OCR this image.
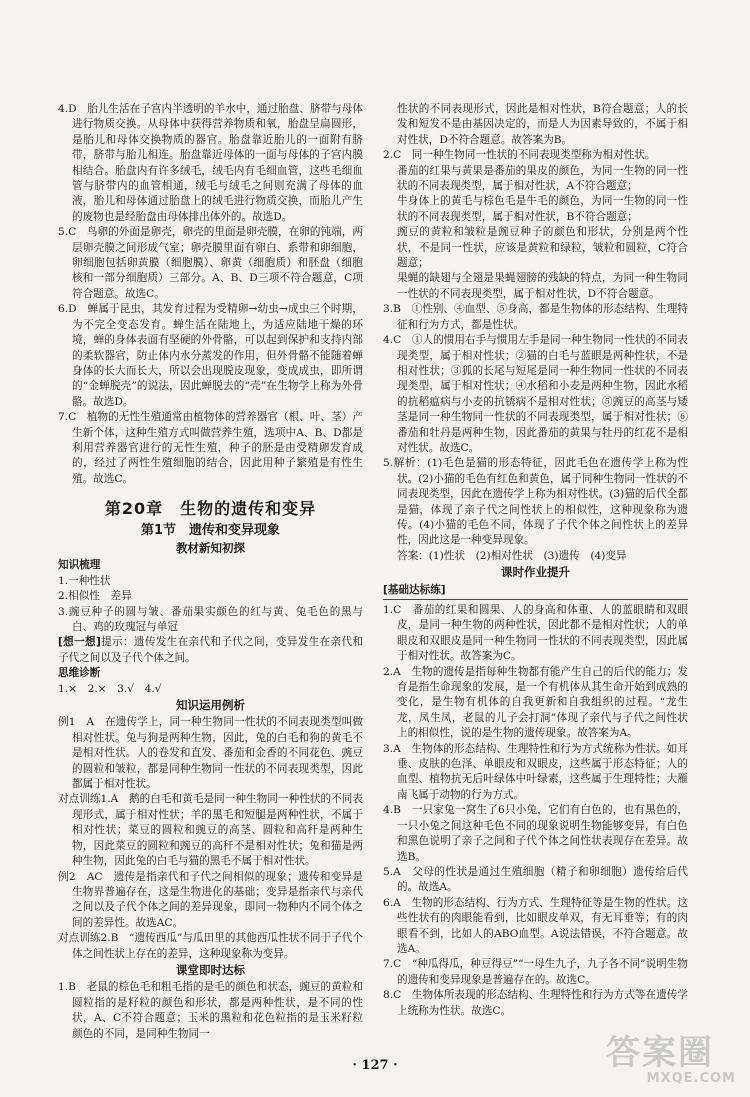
4.D　胎儿生活在子宫内半透明的羊水中，通过胎盘、脐带与母体进行物质交换。从母体中获得营养物质和氧，胎盘呈扁圆形，是胎儿和母体交换物质的器官。胎盘靠近胎儿的一面附有脐带，脐带与胎儿相连。胎盘靠近母体的一面与母体的子宫内膜相结合。胎盘内有许多绒毛，绒毛内有毛细血管，这些毛细血管与脐带内的血管相通，绒毛与绒毛之间则充满了母体的血液，胎儿和母体通过胎盘上的绒毛进行物质交换，而胎儿产生的废物也是经胎盘由母体排出体外的。故选D。

5.C　鸟卵的外面是卵壳，卵壳的里面是卵壳膜，在卵的钝端，两层卵壳膜之间形成气室；卵壳膜里面有卵白、系带和卵细胞，卵细胞包括卵黄膜（细胞膜）、卵黄（细胞质）和胚盘（细胞核和一部分细胞质）三部分。A、B、D三项不符合题意，C项符合题意。故选C。

6.D　蝉属于昆虫，其发育过程为受精卵→幼虫→成虫三个时期，为不完全变态发育。蝉生活在陆地上，为适应陆地干燥的环境，蝉的身体表面有坚硬的外骨骼，可以起到保护和支持内部的柔软器官，防止体内水分蒸发的作用，但外骨骼不能随着蝉身体的长大而长大，所以会出现脱皮现象，变成成虫，即所谓的“金蝉脱壳”的说法，因此蝉脱去的“壳”在生物学上称为外骨骼。故选D。

7.C　植物的无性生殖通常由植物体的营养器官（根、叶、茎）产生新个体，这种生殖方式叫做营养生殖，选项中A、B、D都是利用营养器官进行的无性生殖，种子的胚是由受精卵发育成的，经过了两性生殖细胞的结合，因此用种子繁殖是有性生殖。故选C。

第20章　生物的遗传和变异
第1节　遗传和变异现象
教材新知初探
知识梳理

1.一种性状

2.相似性　差异

3.豌豆种子的圆与皱、番茄果实颜色的红与黄、兔毛色的黑与白、鸡的玫瑰冠与单冠

[想一想]提示：遗传发生在亲代和子代之间，变异发生在亲代和子代之间以及子代个体之间。

思维诊断

1.×　2.×　3.√　4.√

知识运用例析

例1　A　在遗传学上，同一种生物同一性状的不同表现类型叫做相对性状。兔与狗是两种生物，因此，兔的白毛和狗的黄毛不是相对性状。人的卷发和直发、番茄和金香的不同花色、豌豆的圆粒和皱粒，都是同种生物同一性状的不同表现类型，因此都属于相对性状。

对点训练1.A　鹅的白毛和黄毛是同一种生物同一种性状的不同表现形式，属于相对性状；羊的黑毛和短腿是两种性状，不属于相对性状；菜豆的圆粒和豌豆的高茎、圆粒和高秆是两种生物，因此菜豆的圆粒和豌豆的高秆不是相对性状；兔和猫是两种生物，因此兔的白毛与猫的黑毛不属于相对性状。

例2　AC　遗传是指亲代和子代之间相似的现象；遗传和变异是生物界普遍存在，这是生物进化的基础；变异是指亲代与亲代之间以及子代个体之间的差异现象，即同一物种内不同个体之间的差异性。故选AC。

对点训练2.B　“遗传西瓜”与瓜田里的其他西瓜性状不同于子代个体之间性状上存在的差异，这种现象称为变异。

课堂即时达标

1.B　老鼠的棕色毛和粗毛指的是毛的颜色和状态，豌豆的黄粒和圆粒指的是籽粒的颜色和形状，都是两种性状，是不同的性状，A、C不符合题意；玉米的黑粒和花色粒指的是玉米籽粒颜色的不同，是同种生物同一

性状的不同表现形式，因此是相对性状，B符合题意；人的长发和短发不是由基因决定的，而是人为因素导致的，不属于相对性状，D不符合题意。故答案为B。

2.C　同一种生物同一性状的不同表现类型称为相对性状。

番茄的红果与黄果是番茄的果皮的颜色，为同一生物的同一性状的不同表现类型，属于相对性状，A不符合题意；

牛身体上的黄毛与棕色毛是牛毛的颜色，为同一生物的同一性状的不同表现类型，属于相对性状，B不符合题意；

豌豆的黄粒和皱粒是豌豆种子的颜色和形状，分别是两个性状，不是同一性状，应该是黄粒和绿粒，皱粒和圆粒，C符合题意；

果蝇的缺翅与全翅是果蝇翅膀的残缺的特点，为同一种生物同一性状的不同表现类型，属于相对性状，D不符合题意。

3.B　①性别、④血型、⑤身高，都是生物体的形态结构、生理特征和行为方式，都是性状。

4.C　①人的惯用右手与惯用左手是同一种生物同一性状的不同表现类型，属于相对性状；②猫的白毛与蓝眼是两种性状，不是相对性状；③狐的长尾与短尾是同一种生物同一性状的不同表现类型，属于相对性状；④水稻和小麦是两种生物，因此水稻的抗稻瘟病与小麦的抗锈病不是相对性状；⑤豌豆的高茎与矮茎是同一种生物同一性状的不同表现类型，属于相对性状；⑥番茄和牡丹是两种生物，因此番茄的黄果与牡丹的红花不是相对性状。故选C。

5.解析：(1)毛色是猫的形态特征，因此毛色在遗传学上称为性状。(2)小猫的毛色有红色和黄色，属于同种生物同一性状的不同表现类型，因此在遗传学上称为相对性状。(3)猫的后代全都是猫，体现了亲子代之间性状上的相似性，这种现象称为遗传。(4)小猫的毛色不同，体现了子代个体之间性状上的差异性，因此这是一种变异现象。

答案：(1)性状　(2)相对性状　(3)遗传　(4)变异

课时作业提升
[基础达标练]

1.C　番茄的红果和圆果、人的身高和体重、人的蓝眼睛和双眼皮，是同一种生物的两种性状，因此都不是相对性状；人的单眼皮和双眼皮是同一种生物同一性状的不同表现类型，因此属于相对性状。故答案为C。

2.A　生物的遗传是指每种生物都有能产生自己的后代的能力；发育是指生命现象的发展，是一个有机体从其生命开始到成熟的变化，是生物有机体的自我更新和自我组织的过程。“龙生龙，凤生凤，老鼠的儿子会打洞”体现了亲代与子代之间性状上的相似性，说的是生物的遗传现象。故答案为A。

3.A　生物体的形态结构、生理特性和行为方式统称为性状。如耳垂、皮肤的色泽、单眼皮和双眼皮，这些属于形态特征；人的血型、植物抗无后叶绿体中叶绿素，这些属于生理特性；大雁南飞属于动物的行为方式。

4.B　一只家兔一窝生了6只小兔，它们有白色的，也有黑色的，一只小兔之间这种毛色不同的现象说明生物能够变异，有白色和黑色说明了亲子之间和子代个体之间性状表现存在差异。故选B。

5.A　父母的性状是通过生殖细胞（精子和卵细胞）遗传给后代的。故选A。

6.A　生物的形态结构、行为方式、生理特征等是生物的性状。这些性状有的肉眼能看到，比如眼皮单双，有无耳垂等；有的肉眼看不到，比如人的ABO血型。A说法错误，不符合题意。故选A。

7.C　“种瓜得瓜，种豆得豆”“一母生九子，九子各不同”说明生物的遗传和变异现象是普遍存在的。故选C。

8.C　生物体所表现的形态结构、生理特性和行为方式等在遗传学上统称为性状。故选C。

· 127 ·	答案圈
MXQE.COM
